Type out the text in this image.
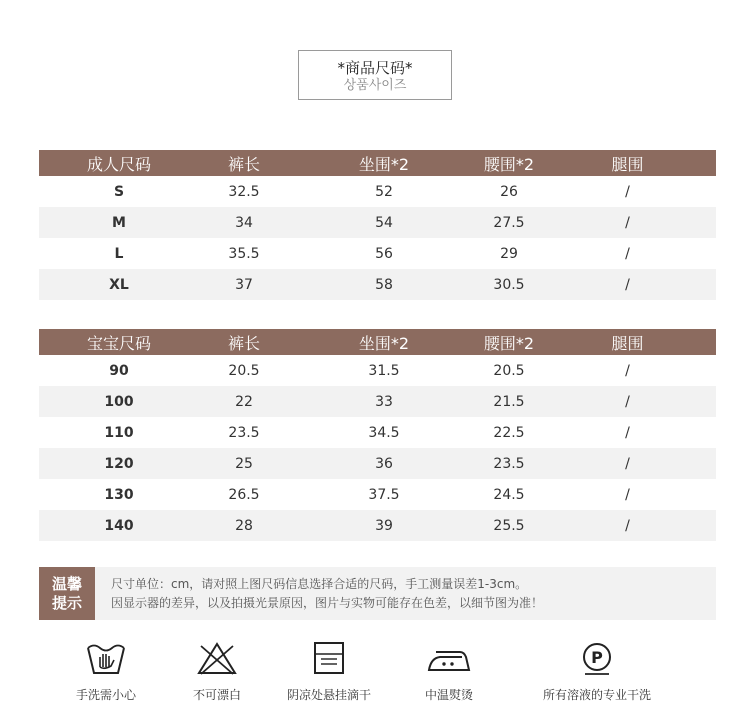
*商品尺码*
상품사이즈
成人尺码	裤长	坐围*2	腰围*2	腿围
S	32.5	52	26	/
M	34	54	27.5	/
L	35.5	56	29	/
XL	37	58	30.5	/
宝宝尺码	裤长	坐围*2	腰围*2	腿围
90	20.5	31.5	20.5	/
100	22	33	21.5	/
110	23.5	34.5	22.5	/
120	25	36	23.5	/
130	26.5	37.5	24.5	/
140	28	39	25.5	/
温馨
提示
尺寸单位：cm，请对照上图尺码信息选择合适的尺码，手工测量误差1-3cm。
因显示器的差异，以及拍摄光景原因，图片与实物可能存在色差，以细节图为准！
手洗需小心	不可漂白	阴凉处悬挂滴干	中温熨烫
P
所有溶液的专业干洗
